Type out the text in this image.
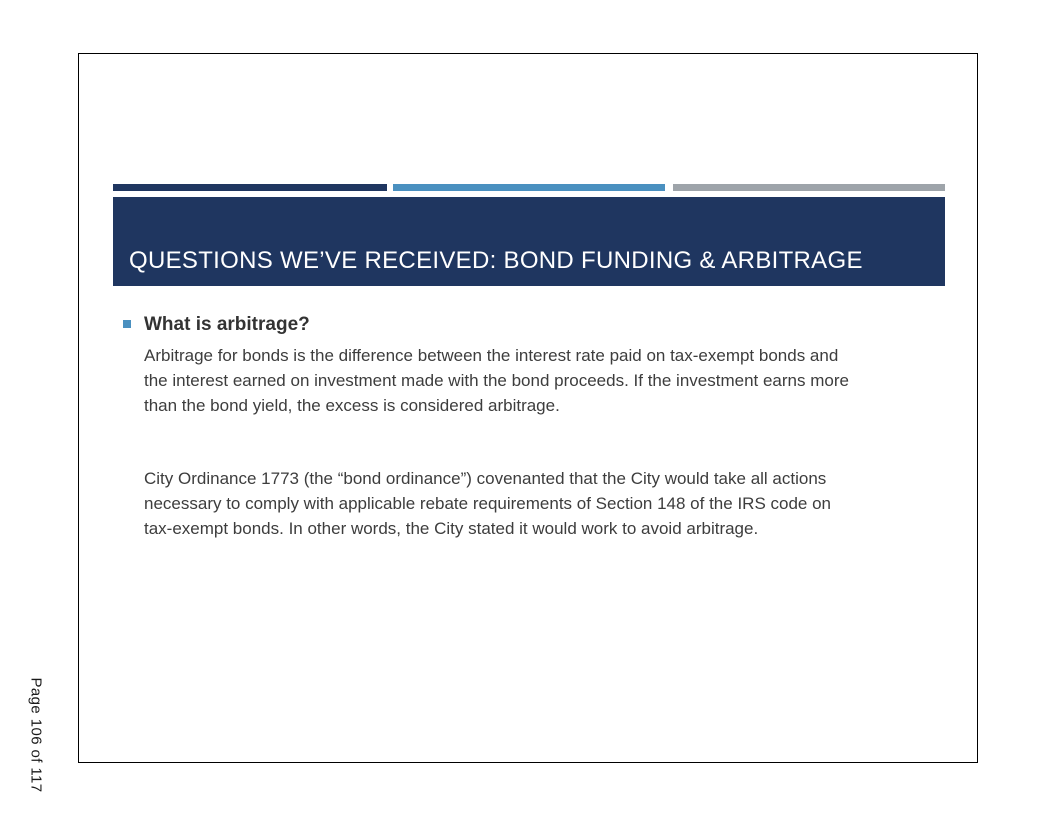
Page 106 of 117
QUESTIONS WE’VE RECEIVED: BOND FUNDING & ARBITRAGE
What is arbitrage?
Arbitrage for bonds is the difference between the interest rate paid on tax-exempt bonds and
the interest earned on investment made with the bond proceeds. If the investment earns more
than the bond yield, the excess is considered arbitrage.
City Ordinance 1773 (the “bond ordinance”) covenanted that the City would take all actions
necessary to comply with applicable rebate requirements of Section 148 of the IRS code on
tax-exempt bonds. In other words, the City stated it would work to avoid arbitrage.
